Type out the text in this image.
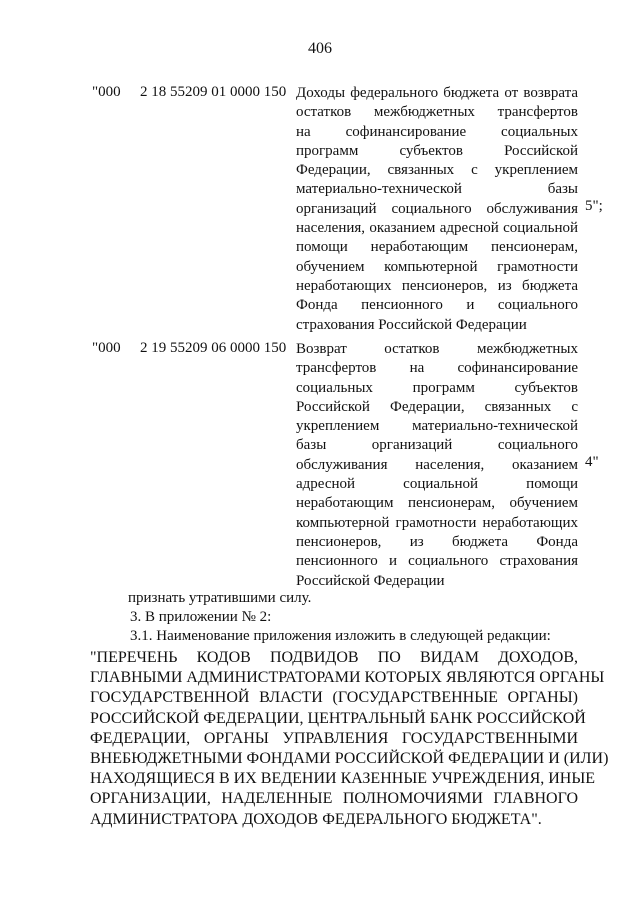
406
"000 2 18 55209 01 0000 150 Доходы федерального бюджета от возврата
остатков межбюджетных трансфертов
на софинансирование социальных
программ субъектов Российской
Федерации, связанных с укреплением
материально-технической базы
организаций социального обслуживания
населения, оказанием адресной социальной
помощи неработающим пенсионерам,
обучением компьютерной грамотности
неработающих пенсионеров, из бюджета
Фонда пенсионного и социального
страхования Российской Федерации
5";
"000 2 19 55209 06 0000 150 Возврат остатков межбюджетных
трансфертов на софинансирование
социальных программ субъектов
Российской Федерации, связанных с
укреплением материально-технической
базы организаций социального
обслуживания населения, оказанием
адресной социальной помощи
неработающим пенсионерам, обучением
компьютерной грамотности неработающих
пенсионеров, из бюджета Фонда
пенсионного и социального страхования
Российской Федерации
4"
признать утратившими силу.
3. В приложении № 2:
3.1. Наименование приложения изложить в следующей редакции:
"ПЕРЕЧЕНЬ КОДОВ ПОДВИДОВ ПО ВИДАМ ДОХОДОВ,
ГЛАВНЫМИ АДМИНИСТРАТОРАМИ КОТОРЫХ ЯВЛЯЮТСЯ ОРГАНЫ
ГОСУДАРСТВЕННОЙ ВЛАСТИ (ГОСУДАРСТВЕННЫЕ ОРГАНЫ)
РОССИЙСКОЙ ФЕДЕРАЦИИ, ЦЕНТРАЛЬНЫЙ БАНК РОССИЙСКОЙ
ФЕДЕРАЦИИ, ОРГАНЫ УПРАВЛЕНИЯ ГОСУДАРСТВЕННЫМИ
ВНЕБЮДЖЕТНЫМИ ФОНДАМИ РОССИЙСКОЙ ФЕДЕРАЦИИ И (ИЛИ)
НАХОДЯЩИЕСЯ В ИХ ВЕДЕНИИ КАЗЕННЫЕ УЧРЕЖДЕНИЯ, ИНЫЕ
ОРГАНИЗАЦИИ, НАДЕЛЕННЫЕ ПОЛНОМОЧИЯМИ ГЛАВНОГО
АДМИНИСТРАТОРА ДОХОДОВ ФЕДЕРАЛЬНОГО БЮДЖЕТА".
